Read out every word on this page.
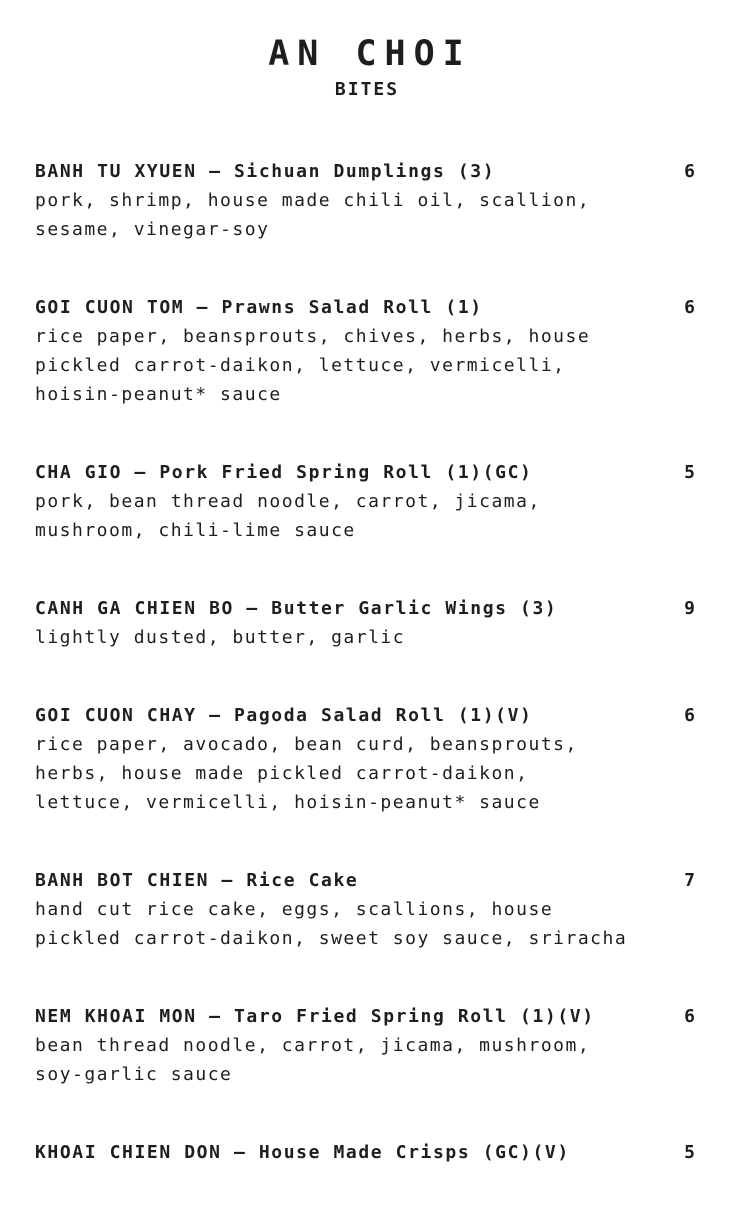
AN CHOI
BITES
BANH TU XYUEN – Sichuan Dumplings (3)	6
pork, shrimp, house made chili oil, scallion,
sesame, vinegar-soy
GOI CUON TOM – Prawns Salad Roll (1)	6
rice paper, beansprouts, chives, herbs, house
pickled carrot-daikon, lettuce, vermicelli,
hoisin-peanut* sauce
CHA GIO – Pork Fried Spring Roll (1)(GC)	5
pork, bean thread noodle, carrot, jicama,
mushroom, chili-lime sauce
CANH GA CHIEN BO – Butter Garlic Wings (3)	9
lightly dusted, butter, garlic
GOI CUON CHAY – Pagoda Salad Roll (1)(V)	6
rice paper, avocado, bean curd, beansprouts,
herbs, house made pickled carrot-daikon,
lettuce, vermicelli, hoisin-peanut* sauce
BANH BOT CHIEN – Rice Cake	7
hand cut rice cake, eggs, scallions, house
pickled carrot-daikon, sweet soy sauce, sriracha
NEM KHOAI MON – Taro Fried Spring Roll (1)(V)	6
bean thread noodle, carrot, jicama, mushroom,
soy-garlic sauce
KHOAI CHIEN DON – House Made Crisps (GC)(V)	5
